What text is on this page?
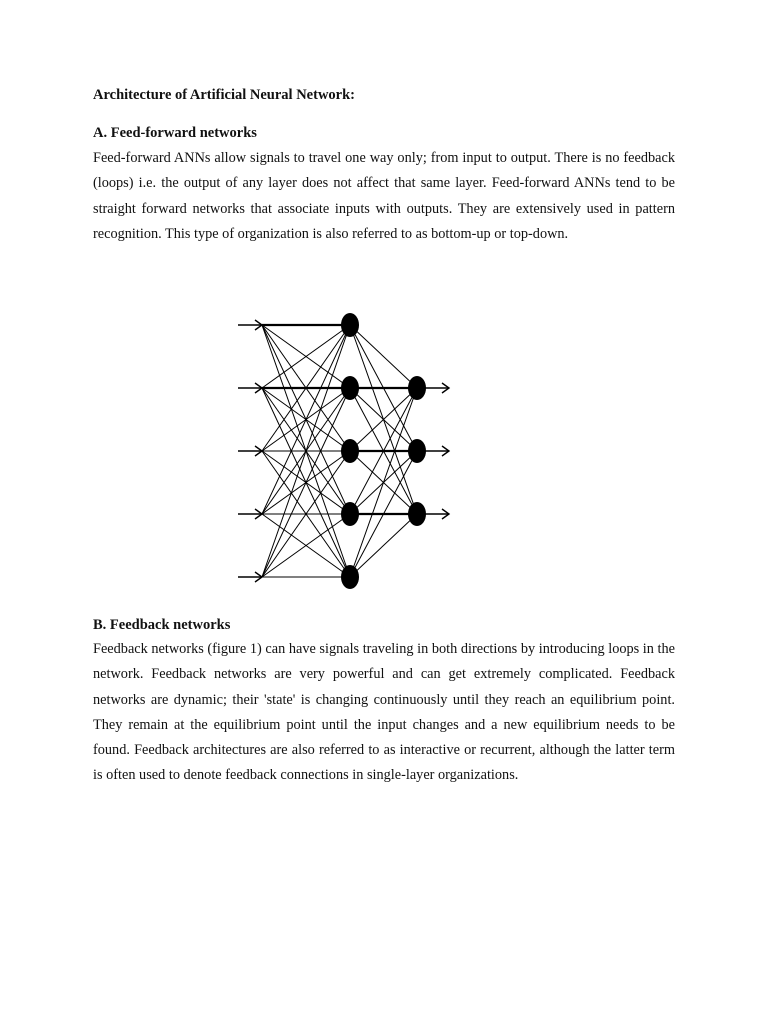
Architecture of Artificial Neural Network:
A. Feed-forward networks

Feed-forward ANNs allow signals to travel one way only; from input to output. There is no feedback (loops) i.e. the output of any layer does not affect that same layer. Feed-forward ANNs tend to be straight forward networks that associate inputs with outputs. They are extensively used in pattern recognition. This type of organization is also referred to as bottom-up or top-down.

B. Feedback networks

Feedback networks (figure 1) can have signals traveling in both directions by introducing loops in the network. Feedback networks are very powerful and can get extremely complicated. Feedback networks are dynamic; their 'state' is changing continuously until they reach an equilibrium point. They remain at the equilibrium point until the input changes and a new equilibrium needs to be found. Feedback architectures are also referred to as interactive or recurrent, although the latter term is often used to denote feedback connections in single-layer organizations.
